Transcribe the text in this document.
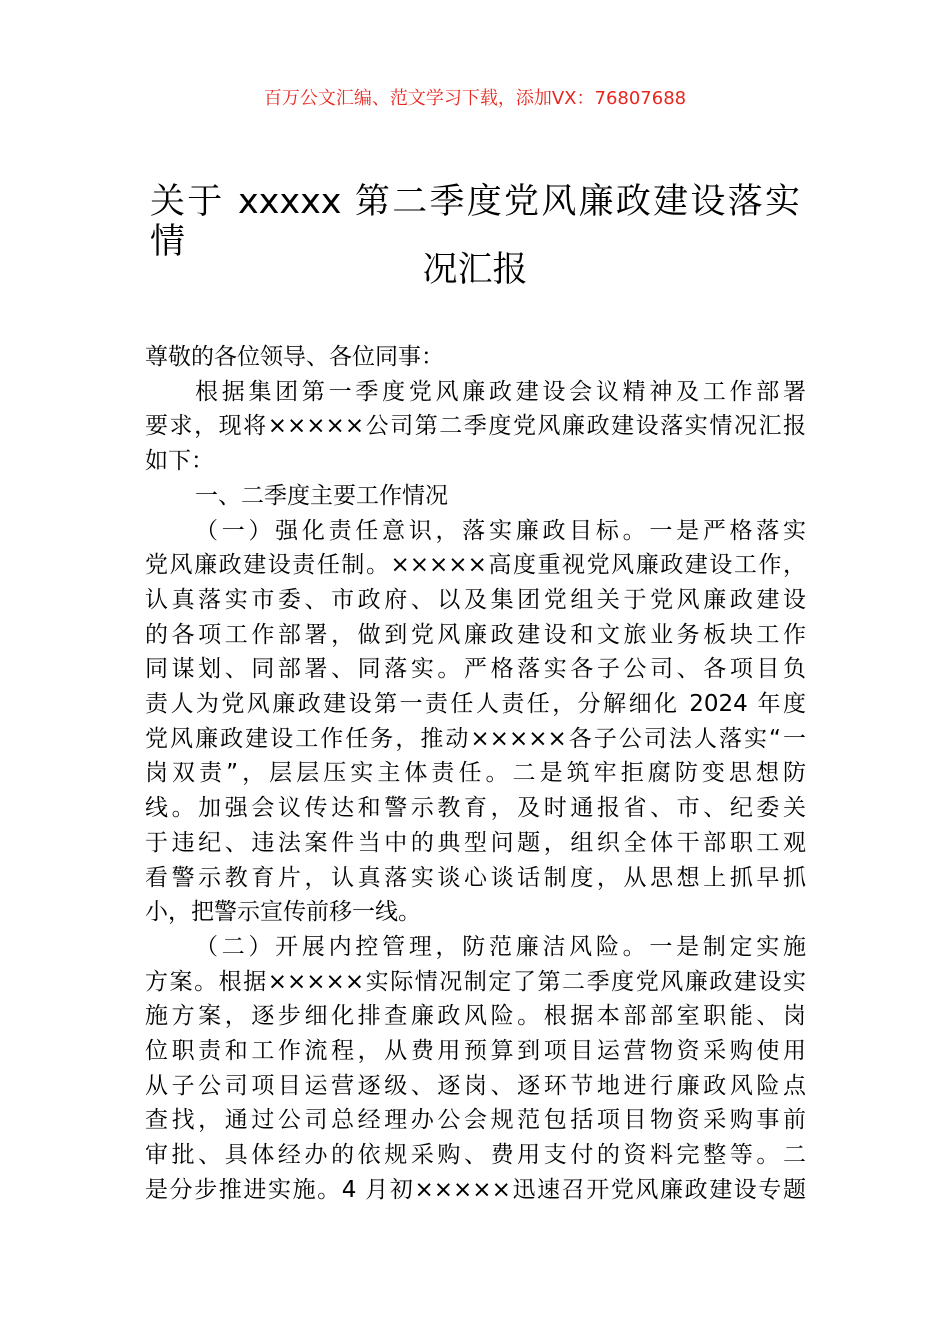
百万公文汇编、范文学习下载，添加VX：76807688
关于 xxxxx 第二季度党风廉政建设落实情
况汇报
尊敬的各位领导、各位同事：
根据集团第一季度党风廉政建设会议精神及工作部署
要求，现将×××××公司第二季度党风廉政建设落实情况汇报
如下：
一、二季度主要工作情况
（一）强化责任意识，落实廉政目标。一是严格落实
党风廉政建设责任制。×××××高度重视党风廉政建设工作，
认真落实市委、市政府、以及集团党组关于党风廉政建设
的各项工作部署，做到党风廉政建设和文旅业务板块工作
同谋划、同部署、同落实。严格落实各子公司、各项目负
责人为党风廉政建设第一责任人责任，分解细化 2024 年度
党风廉政建设工作任务，推动×××××各子公司法人落实“一
岗双责”，层层压实主体责任。二是筑牢拒腐防变思想防
线。加强会议传达和警示教育，及时通报省、市、纪委关
于违纪、违法案件当中的典型问题，组织全体干部职工观
看警示教育片，认真落实谈心谈话制度，从思想上抓早抓
小，把警示宣传前移一线。
（二）开展内控管理，防范廉洁风险。一是制定实施
方案。根据×××××实际情况制定了第二季度党风廉政建设实
施方案，逐步细化排查廉政风险。根据本部部室职能、岗
位职责和工作流程，从费用预算到项目运营物资采购使用
从子公司项目运营逐级、逐岗、逐环节地进行廉政风险点
查找，通过公司总经理办公会规范包括项目物资采购事前
审批、具体经办的依规采购、费用支付的资料完整等。二
是分步推进实施。4 月初×××××迅速召开党风廉政建设专题
